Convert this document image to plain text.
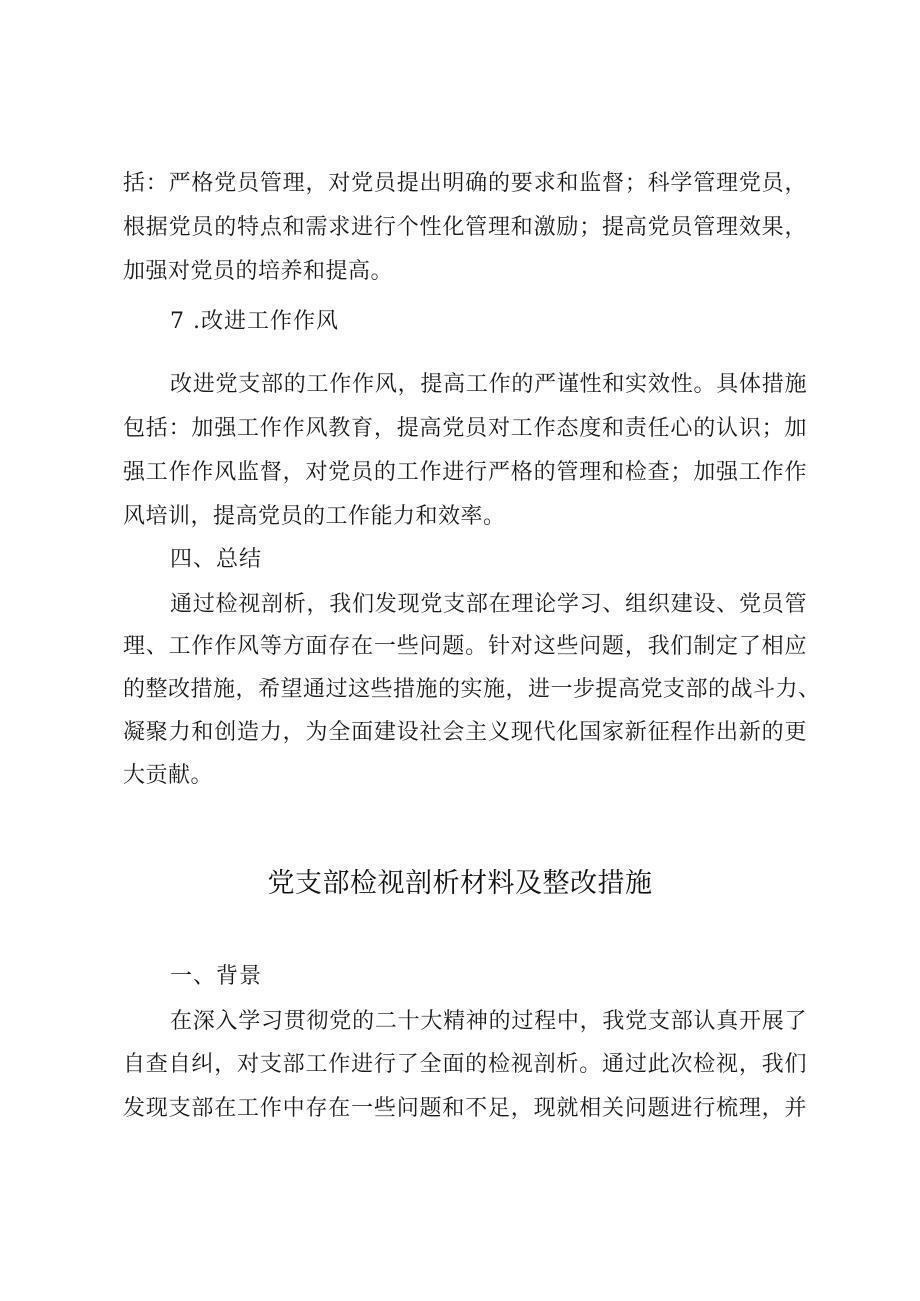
括：严格党员管理，对党员提出明确的要求和监督；科学管理党员，
根据党员的特点和需求进行个性化管理和激励；提高党员管理效果，
加强对党员的培养和提高。
7 .改进工作作风
改进党支部的工作作风，提高工作的严谨性和实效性。具体措施
包括：加强工作作风教育，提高党员对工作态度和责任心的认识；加
强工作作风监督，对党员的工作进行严格的管理和检查；加强工作作
风培训，提高党员的工作能力和效率。
四、总结
通过检视剖析，我们发现党支部在理论学习、组织建设、党员管
理、工作作风等方面存在一些问题。针对这些问题，我们制定了相应
的整改措施，希望通过这些措施的实施，进一步提高党支部的战斗力、
凝聚力和创造力，为全面建设社会主义现代化国家新征程作出新的更
大贡献。
党支部检视剖析材料及整改措施
一、背景
在深入学习贯彻党的二十大精神的过程中，我党支部认真开展了
自查自纠，对支部工作进行了全面的检视剖析。通过此次检视，我们
发现支部在工作中存在一些问题和不足，现就相关问题进行梳理，并
